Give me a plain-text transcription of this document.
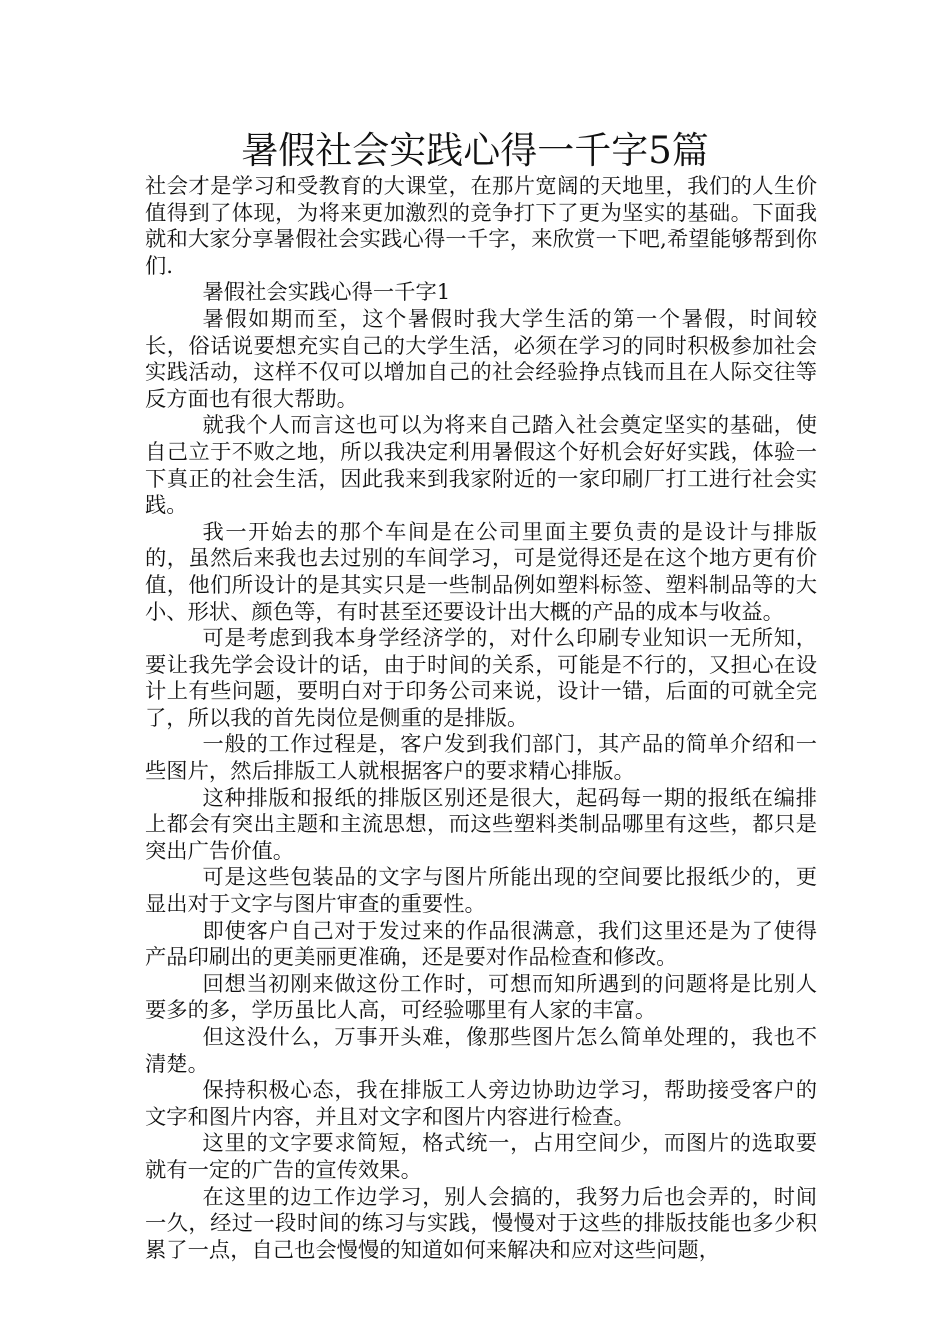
暑假社会实践心得一千字5篇

社会才是学习和受教育的大课堂，在那片宽阔的天地里，我们的人生价值得到了体现，为将来更加激烈的竞争打下了更为坚实的基础。下面我就和大家分享暑假社会实践心得一千字，来欣赏一下吧,希望能够帮到你们.

暑假社会实践心得一千字1

暑假如期而至，这个暑假时我大学生活的第一个暑假，时间较长，俗话说要想充实自己的大学生活，必须在学习的同时积极参加社会实践活动，这样不仅可以增加自己的社会经验挣点钱而且在人际交往等反方面也有很大帮助。

就我个人而言这也可以为将来自己踏入社会奠定坚实的基础，使自己立于不败之地，所以我决定利用暑假这个好机会好好实践，体验一下真正的社会生活，因此我来到我家附近的一家印刷厂打工进行社会实践。

我一开始去的那个车间是在公司里面主要负责的是设计与排版的，虽然后来我也去过别的车间学习，可是觉得还是在这个地方更有价值，他们所设计的是其实只是一些制品例如塑料标签、塑料制品等的大小、形状、颜色等，有时甚至还要设计出大概的产品的成本与收益。

可是考虑到我本身学经济学的，对什么印刷专业知识一无所知，要让我先学会设计的话，由于时间的关系，可能是不行的，又担心在设计上有些问题，要明白对于印务公司来说，设计一错，后面的可就全完了，所以我的首先岗位是侧重的是排版。

一般的工作过程是，客户发到我们部门，其产品的简单介绍和一些图片，然后排版工人就根据客户的要求精心排版。

这种排版和报纸的排版区别还是很大，起码每一期的报纸在编排上都会有突出主题和主流思想，而这些塑料类制品哪里有这些，都只是突出广告价值。

可是这些包装品的文字与图片所能出现的空间要比报纸少的，更显出对于文字与图片审查的重要性。

即使客户自己对于发过来的作品很满意，我们这里还是为了使得产品印刷出的更美丽更准确，还是要对作品检查和修改。

回想当初刚来做这份工作时，可想而知所遇到的问题将是比别人要多的多，学历虽比人高，可经验哪里有人家的丰富。

但这没什么，万事开头难，像那些图片怎么简单处理的，我也不清楚。

保持积极心态，我在排版工人旁边协助边学习，帮助接受客户的文字和图片内容，并且对文字和图片内容进行检查。

这里的文字要求简短，格式统一，占用空间少，而图片的选取要就有一定的广告的宣传效果。

在这里的边工作边学习，别人会搞的，我努力后也会弄的，时间一久，经过一段时间的练习与实践，慢慢对于这些的排版技能也多少积累了一点，自己也会慢慢的知道如何来解决和应对这些问题，
